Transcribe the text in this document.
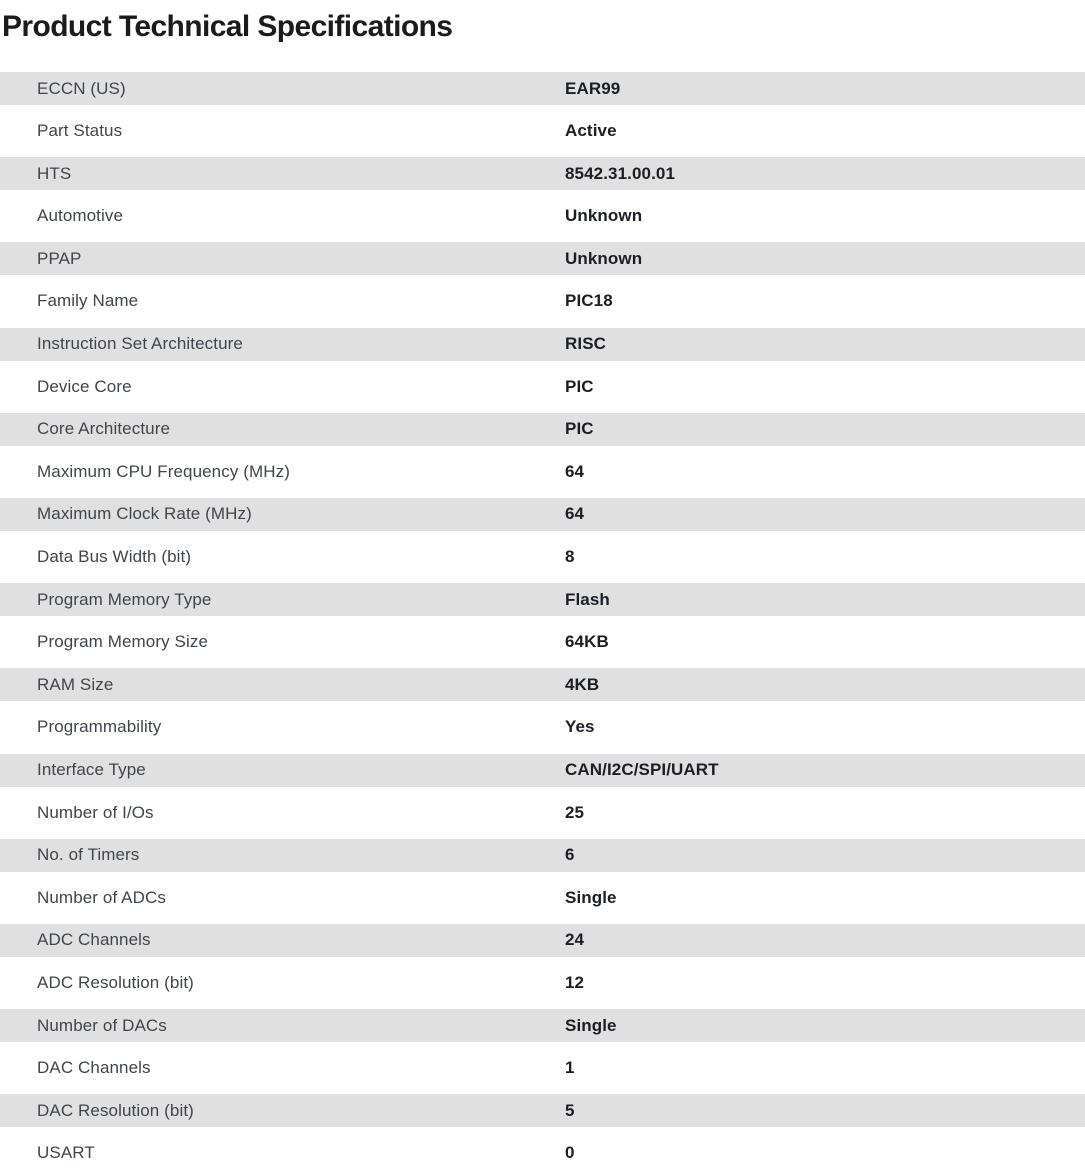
Product Technical Specifications
ECCN (US)	EAR99
Part Status	Active
HTS	8542.31.00.01
Automotive	Unknown
PPAP	Unknown
Family Name	PIC18
Instruction Set Architecture	RISC
Device Core	PIC
Core Architecture	PIC
Maximum CPU Frequency (MHz)	64
Maximum Clock Rate (MHz)	64
Data Bus Width (bit)	8
Program Memory Type	Flash
Program Memory Size	64KB
RAM Size	4KB
Programmability	Yes
Interface Type	CAN/I2C/SPI/UART
Number of I/Os	25
No. of Timers	6
Number of ADCs	Single
ADC Channels	24
ADC Resolution (bit)	12
Number of DACs	Single
DAC Channels	1
DAC Resolution (bit)	5
USART	0
